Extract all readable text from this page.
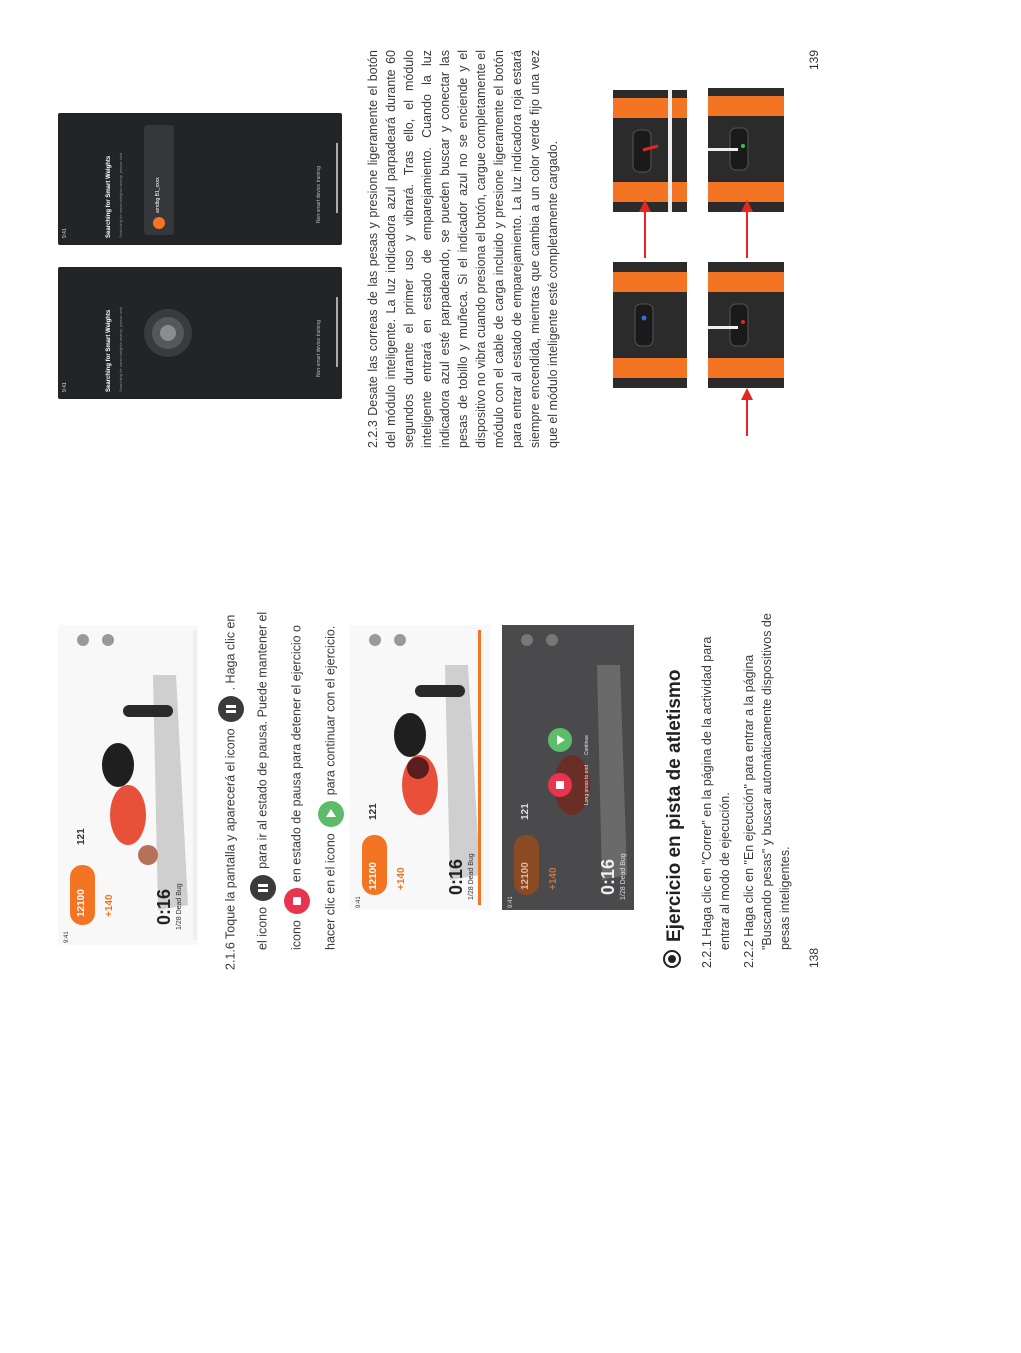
138
9:41
12100 +140
121
0:16 1/28 Dead Bug	9:41
12100 +140
121
0:16 1/28 Dead Bug
9:41
12100 +140
121
Long press to end
Continue
0:16 1/28 Dead Bug
2.1.6 Toque la pantalla y aparecerá el icono. Haga clic en
el iconopara ir al estado de pausa. Puede mantener el
iconoen estado de pausa para detener el ejercicio o
hacer clic en el iconopara continuar con el ejercicio.	Ejercicio en pista de atletismo 2.2.1 Haga clic en "Correr" en la página de la actividad para entrar al modo de ejecución. 2.2.2 Haga clic en "En ejecución" para entrar a la página "Buscando pesas" y buscar automáticamente dispositivos de pesas inteligentes.
139
9:41	Searching for Smart Weights Searching for smart weights nearby, please wait	Non-smart device training
9:41	Searching for Smart Weights Searching for smart weights nearby, please wait	amdbg B1_xxxx	Non-smart device training	2.2.3 Desate las correas de las pesas y presione ligeramente el botón del módulo inteligente. La luz indicadora azul parpadeará durante 60 segundos durante el primer uso y vibrará. Tras ello, el módulo inteligente entrará en estado de emparejamiento. Cuando la luz indicadora azul esté parpadeando, se pueden buscar y conectar las pesas de tobillo y muñeca. Si el indicador azul no se enciende y el dispositivo no vibra cuando presiona el botón, cargue completamente el módulo con el cable de carga incluido y presione ligeramente el botón para entrar al estado de emparejamiento. La luz indicadora roja estará siempre encendida, mientras que cambia a un color verde fijo una vez que el módulo inteligente esté completamente cargado.
